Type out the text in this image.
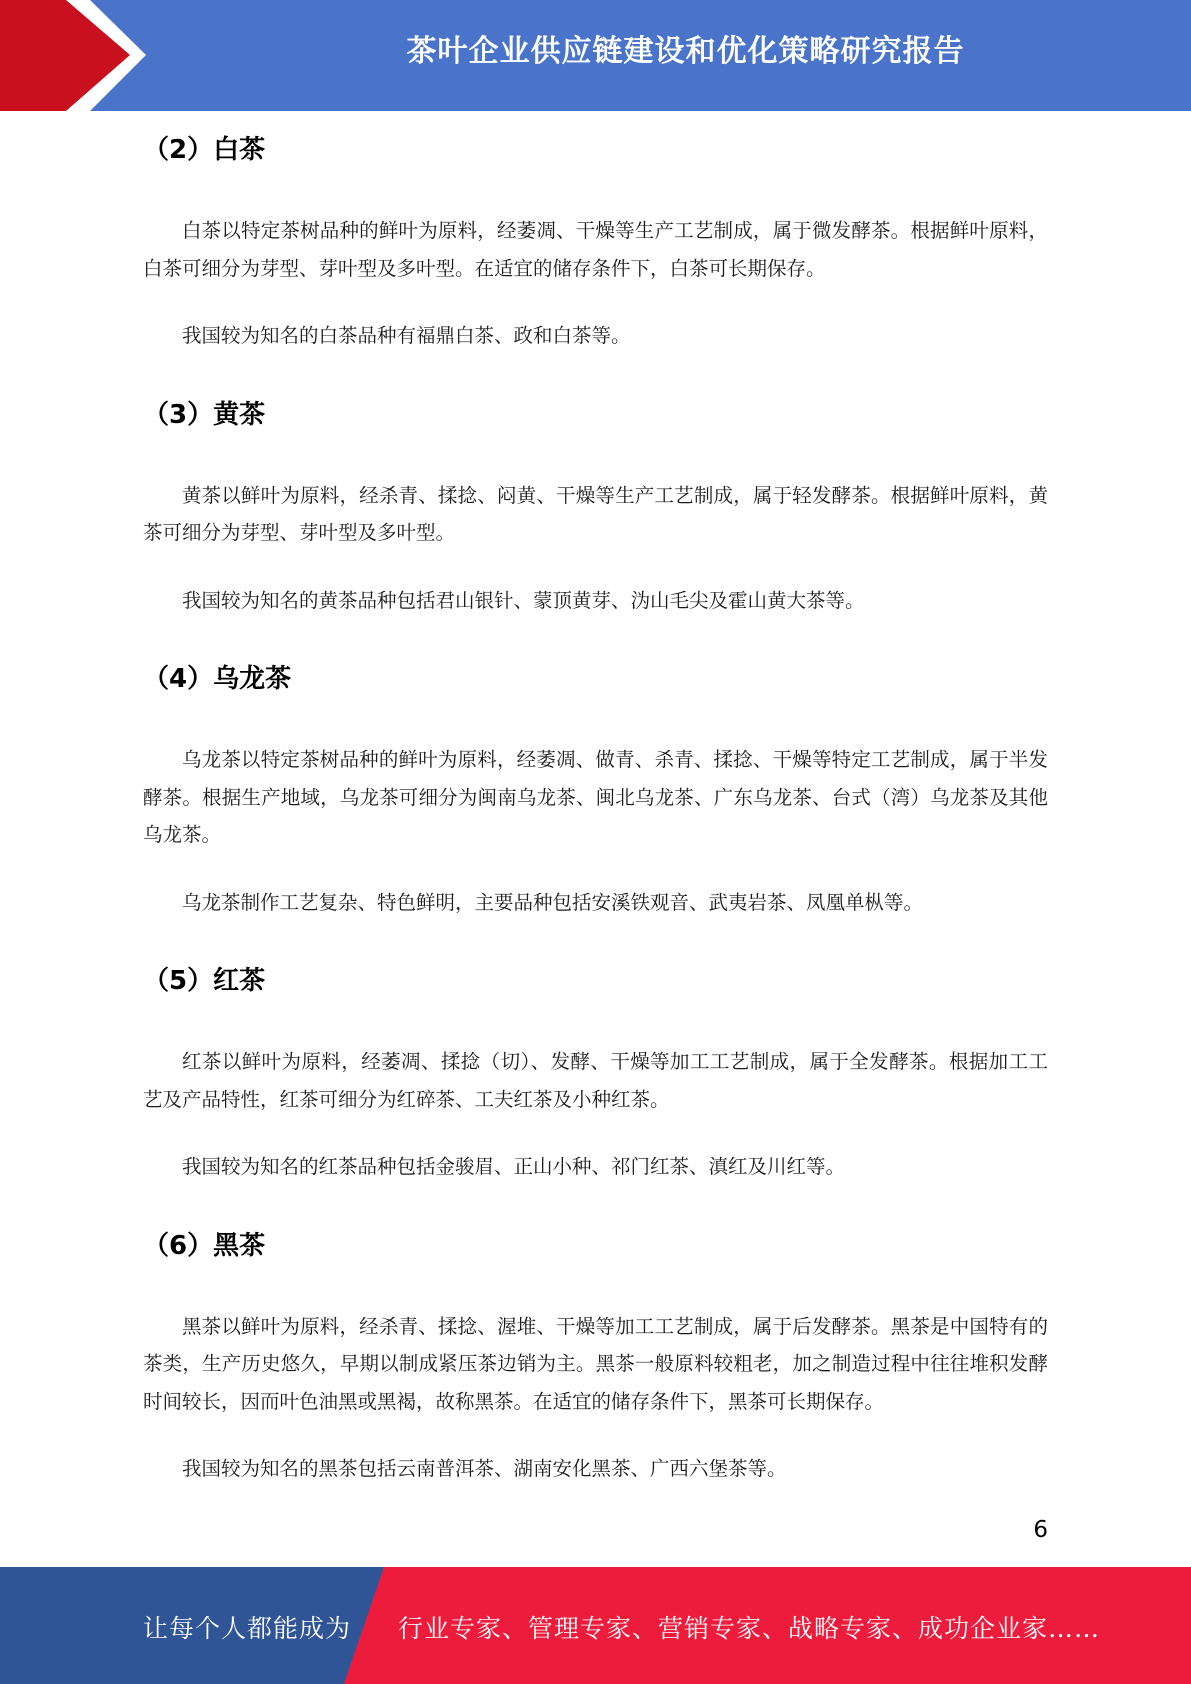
茶叶企业供应链建设和优化策略研究报告
（2）白茶

白茶以特定茶树品种的鲜叶为原料，经萎凋、干燥等生产工艺制成，属于微发酵茶。根据鲜叶原料，白茶可细分为芽型、芽叶型及多叶型。在适宜的储存条件下，白茶可长期保存。

我国较为知名的白茶品种有福鼎白茶、政和白茶等。

（3）黄茶

黄茶以鲜叶为原料，经杀青、揉捻、闷黄、干燥等生产工艺制成，属于轻发酵茶。根据鲜叶原料，黄茶可细分为芽型、芽叶型及多叶型。

我国较为知名的黄茶品种包括君山银针、蒙顶黄芽、沩山毛尖及霍山黄大茶等。

（4）乌龙茶

乌龙茶以特定茶树品种的鲜叶为原料，经萎凋、做青、杀青、揉捻、干燥等特定工艺制成，属于半发酵茶。根据生产地域，乌龙茶可细分为闽南乌龙茶、闽北乌龙茶、广东乌龙茶、台式（湾）乌龙茶及其他乌龙茶。

乌龙茶制作工艺复杂、特色鲜明，主要品种包括安溪铁观音、武夷岩茶、凤凰单枞等。

（5）红茶

红茶以鲜叶为原料，经萎凋、揉捻（切）、发酵、干燥等加工工艺制成，属于全发酵茶。根据加工工艺及产品特性，红茶可细分为红碎茶、工夫红茶及小种红茶。

我国较为知名的红茶品种包括金骏眉、正山小种、祁门红茶、滇红及川红等。

（6）黑茶

黑茶以鲜叶为原料，经杀青、揉捻、渥堆、干燥等加工工艺制成，属于后发酵茶。黑茶是中国特有的茶类，生产历史悠久，早期以制成紧压茶边销为主。黑茶一般原料较粗老，加之制造过程中往往堆积发酵时间较长，因而叶色油黑或黑褐，故称黑茶。在适宜的储存条件下，黑茶可长期保存。

我国较为知名的黑茶包括云南普洱茶、湖南安化黑茶、广西六堡茶等。

6
让每个人都能成为 行业专家、管理专家、营销专家、战略专家、成功企业家……
